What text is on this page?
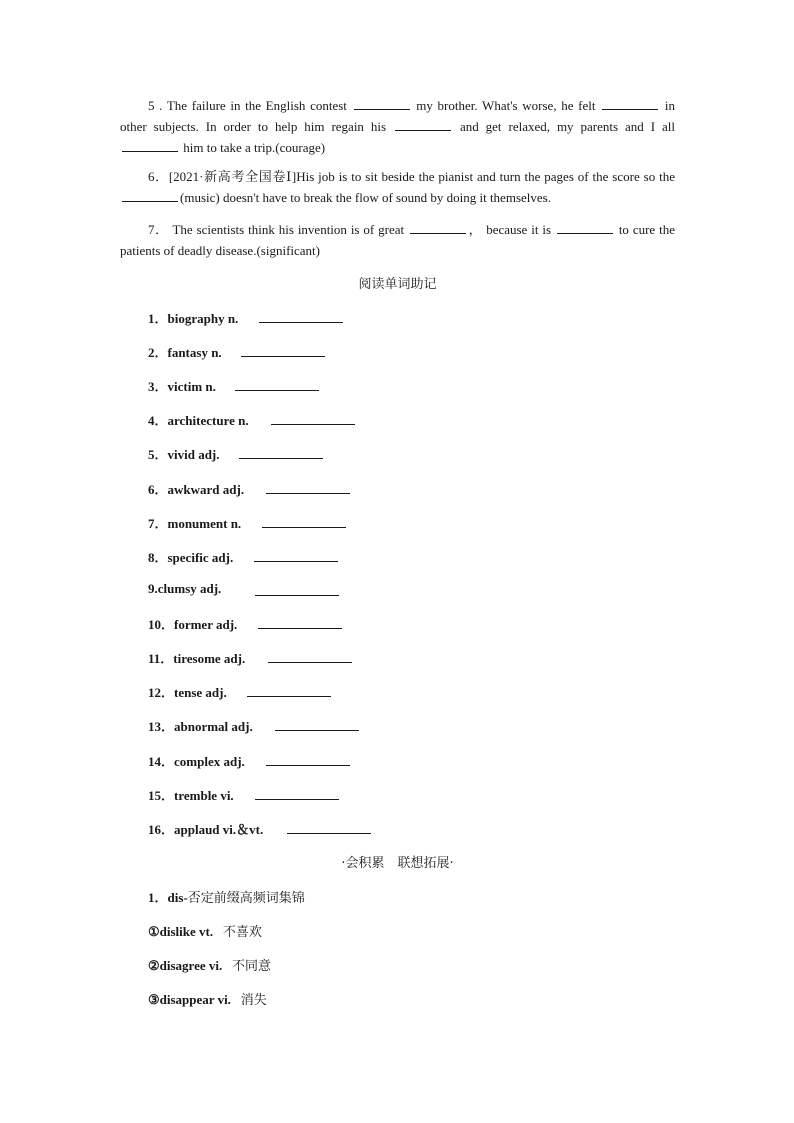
5 . The failure in the English contest	my brother. What's worse, he felt	in other subjects. In order to help him regain his	and get relaxed, my parents and I all  him to take a trip.(courage)

6．[2021·新高考全国卷Ⅰ]His job is to sit beside the pianist and turn the pages of the score so the (music) doesn't have to break the flow of sound by doing it themselves.

7． The scientists think his invention is of great	， because it is	to cure the patients of deadly disease.(significant)

阅读单词助记
1．biography n.
2．fantasy n.
3．victim n.
4．architecture n.
5．vivid adj.
6．awkward adj.
7．monument n.
8．specific adj.
9.clumsy adj.
10．former adj.
11．tiresome adj.
12．tense adj.
13．abnormal adj.
14．complex adj.
15．tremble vi.
16．applaud vi.＆vt.
·会积累　联想拓展·
1．dis-否定前缀高频词集锦
①dislike vt. 不喜欢
②disagree vi. 不同意
③disappear vi. 消失
